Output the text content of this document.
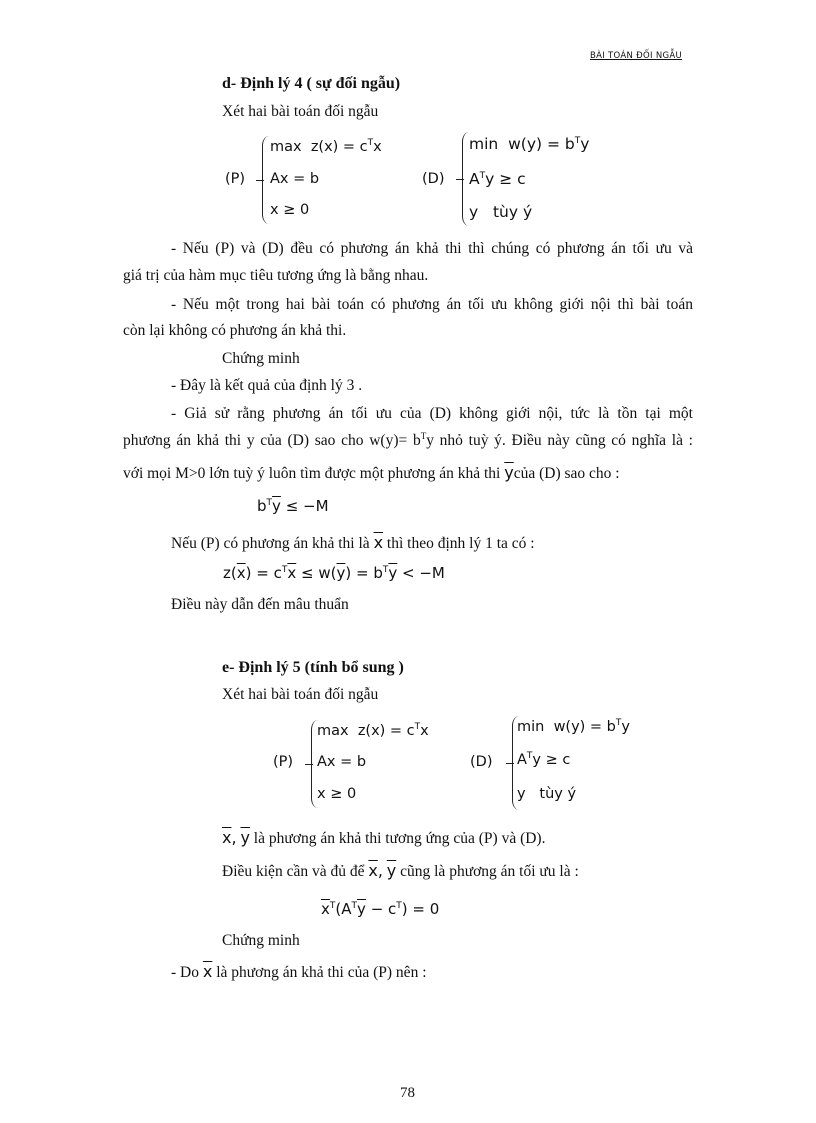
BÀI TOÁN ĐỐI NGẪU
d- Định lý 4 ( sự đối ngẫu)
Xét hai bài toán đối ngẫu
(P)
$\max z(x) = c^Tx$
Ax = b
x ≥ 0
(D)
$\min w(y) = b^Ty$
$A^Ty \ge c$
y tùy ý
- Nếu (P) và (D) đều có phương án khả thi thì chúng có phương án tối ưu và
giá trị của hàm mục tiêu tương ứng là bằng nhau.
- Nếu một trong hai bài toán có phương án tối ưu không giới nội thì bài toán
còn lại không có phương án khả thi.
Chứng minh
- Đây là kết quả của định lý 3 .
- Giả sử rằng phương án tối ưu của (D) không giới nội, tức là tồn tại một
phương án khả thi y của (D) sao cho $w(y)= b^Ty$ nhỏ tuỳ ý. Điều này cũng có nghĩa là :
với mọi M>0 lớn tuỳ ý luôn tìm được một phương án khả thi $\overline{y}của$ (D) sao cho :
$b^T\overline{y} \le -M$
Nếu (P) có phương án khả thi là $\overline{x}$ thì theo định lý 1 ta có :
$z(\overline{x}) = c^T\overline{x} \le w(\overline{y}) = b^T\overline{y} < -M$
Điều này dẫn đến mâu thuẩn
e- Định lý 5 (tính bổ sung )
Xét hai bài toán đối ngẫu
(P)
$\max z(x) = c^Tx$
Ax = b
x ≥ 0
(D)
$\min w(y) = b^Ty$
$A^Ty \ge c$
y tùy ý
$\overline{x}$, $\overline{y}$ là phương án khả thi tương ứng của (P) và (D).
Điều kiện cần và đủ để $\overline{x}$, $\overline{y}$ cũng là phương án tối ưu là :
$\overline{x}^T(A^T\overline{y} - c^T) = 0$
Chứng minh
- Do $\overline{x}$ là phương án khả thi của (P) nên :
78
